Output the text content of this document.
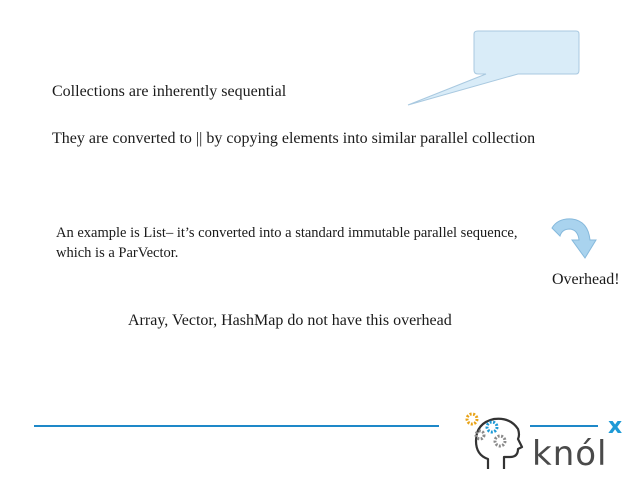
Collections are inherently sequential
They are converted to || by copying elements into similar parallel collection
An example is List– it’s converted into a standard immutable parallel sequence, which is a ParVector.
Overhead!
Array, Vector, HashMap do not have this overhead
knól
x
